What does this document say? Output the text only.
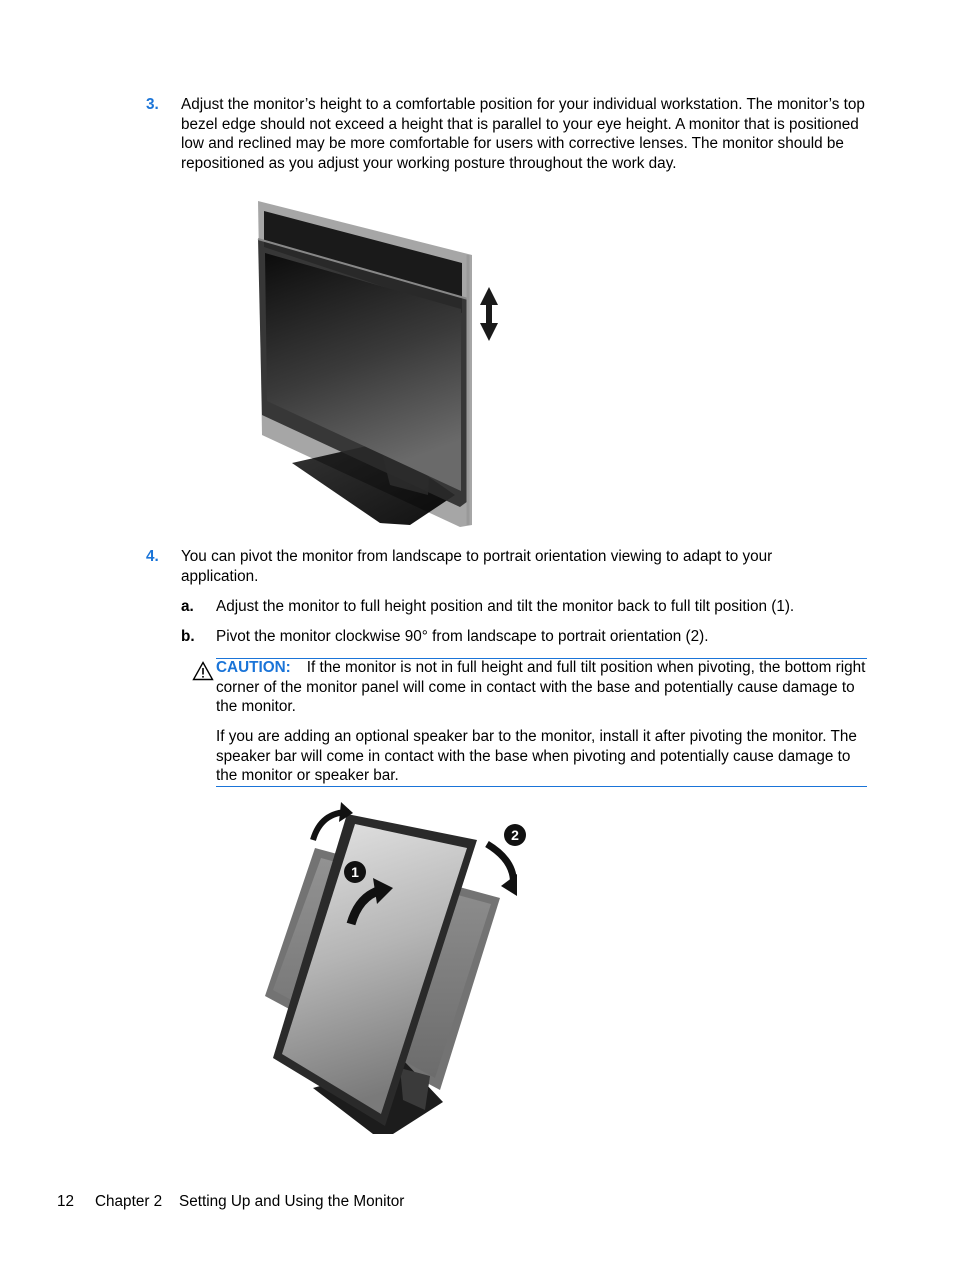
3. Adjust the monitor’s height to a comfortable position for your individual workstation. The monitor’s top bezel edge should not exceed a height that is parallel to your eye height. A monitor that is positioned low and reclined may be more comfortable for users with corrective lenses. The monitor should be repositioned as you adjust your working posture throughout the work day.
4. You can pivot the monitor from landscape to portrait orientation viewing to adapt to your application.
a. Adjust the monitor to full height position and tilt the monitor back to full tilt position (1).
b. Pivot the monitor clockwise 90° from landscape to portrait orientation (2).
CAUTION: If the monitor is not in full height and full tilt position when pivoting, the bottom right corner of the monitor panel will come in contact with the base and potentially cause damage to the monitor.
If you are adding an optional speaker bar to the monitor, install it after pivoting the monitor. The speaker bar will come in contact with the base when pivoting and potentially cause damage to the monitor or speaker bar.
1
2
12 Chapter 2 Setting Up and Using the Monitor
